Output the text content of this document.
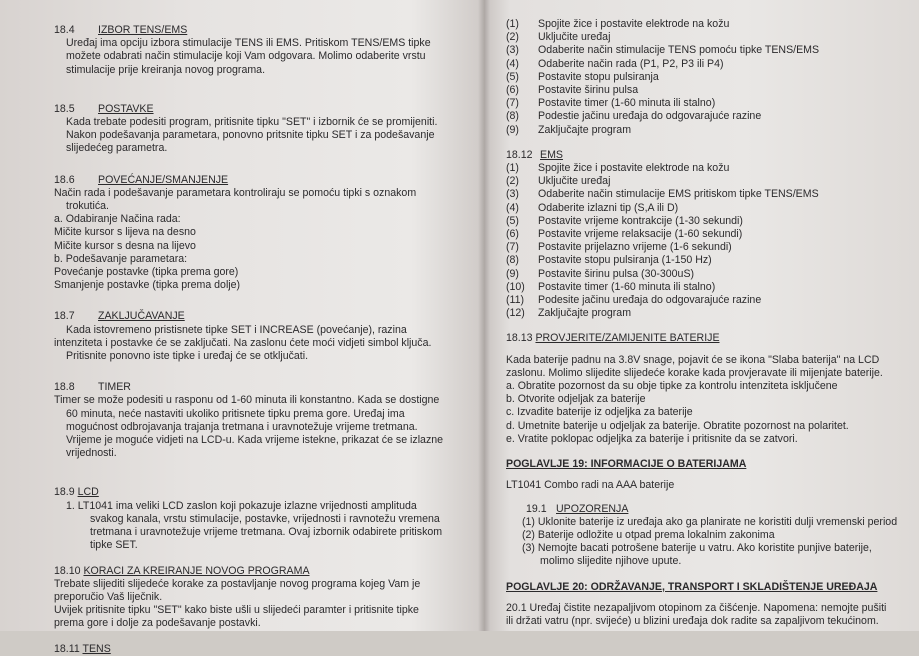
18.4 IZBOR TENS/EMS

Uređaj ima opciju izbora stimulacije TENS ili EMS. Pritiskom TENS/EMS tipke

možete odabrati način stimulacije koji Vam odgovara. Molimo odaberite vrstu

stimulacije prije kreiranja novog programa.

18.5 POSTAVKE

Kada trebate podesiti program, pritisnite tipku "SET" i izbornik će se promijeniti.

Nakon podešavanja parametara, ponovno pritsnite tipku SET i za podešavanje

slijedećeg parametra.

18.6 POVEĆANJE/SMANJENJE

Način rada i podešavanje parametara kontroliraju se pomoću tipki s oznakom

trokutića.

a. Odabiranje Načina rada:

Mičite kursor s lijeva na desno

Mičite kursor s desna na lijevo

b. Podešavanje parametara:

Povećanje postavke (tipka prema gore)

Smanjenje postavke (tipka prema dolje)

18.7 ZAKLJUČAVANJE

Kada istovremeno pristisnete tipke SET i INCREASE (povećanje), razina

intenziteta i postavke će se zaključati. Na zaslonu ćete moći vidjeti simbol ključa.

Pritisnite ponovno iste tipke i uređaj će se otključati.

18.8 TIMER

Timer se može podesiti u rasponu od 1-60 minuta ili konstantno. Kada se dostigne

60 minuta, neće nastaviti ukoliko pritisnete tipku prema gore. Uređaj ima

mogućnost odbrojavanja trajanja tretmana i uravnotežuje vrijeme tretmana.

Vrijeme je moguće vidjeti na LCD-u. Kada vrijeme istekne, prikazat će se izlazne

vrijednosti.

18.9 LCD

1. LT1041 ima veliki LCD zaslon koji pokazuje izlazne vrijednosti amplituda

svakog kanala, vrstu stimulacije, postavke, vrijednosti i ravnotežu vremena

tretmana i uravnotežuje vrijeme tretmana. Ovaj izbornik odabirete pritiskom

tipke SET.

18.10 KORACI ZA KREIRANJE NOVOG PROGRAMA

Trebate slijediti slijedeće korake za postavljanje novog programa kojeg Vam je

preporučio Vaš liječnik.

Uvijek pritisnite tipku "SET" kako biste ušli u slijedeći paramter i pritisnite tipke

prema gore i dolje za podešavanje postavki.

18.11 TENS

(1)	Spojite žice i postavite elektrode na kožu
(2)	Uključite uređaj
(3)	Odaberite način stimulacije TENS pomoću tipke TENS/EMS
(4)	Odaberite način rada (P1, P2, P3 ili P4)
(5)	Postavite stopu pulsiranja
(6)	Postavite širinu pulsa
(7)	Postavite timer (1-60 minuta ili stalno)
(8)	Podestie jačinu uređaja do odgovarajuće razine
(9)	Zaključajte program

18.12 EMS

(1)	Spojite žice i postavite elektrode na kožu
(2)	Uključite uređaj
(3)	Odaberite način stimulacije EMS pritiskom tipke TENS/EMS
(4)	Odaberite izlazni tip (S,A ili D)
(5)	Postavite vrijeme kontrakcije (1-30 sekundi)
(6)	Postavite vrijeme relaksacije (1-60 sekundi)
(7)	Postavite prijelazno vrijeme (1-6 sekundi)
(8)	Postavite stopu pulsiranja (1-150 Hz)
(9)	Postavite širinu pulsa (30-300uS)
(10)	Postavite timer (1-60 minuta ili stalno)
(11)	Podesite jačinu uređaja do odgovarajuće razine
(12)	Zaključajte program

18.13 PROVJERITE/ZAMIJENITE BATERIJE

Kada baterije padnu na 3.8V snage, pojavit će se ikona "Slaba baterija" na LCD

zaslonu. Molimo slijedite slijedeće korake kada provjeravate ili mijenjate baterije.

a. Obratite pozornost da su obje tipke za kontrolu intenziteta isključene

b. Otvorite odjeljak za baterije

c. Izvadite baterije iz odjeljka za baterije

d. Umetnite baterije u odjeljak za baterije. Obratite pozornost na polaritet.

e. Vratite poklopac odjeljka za baterije i pritisnite da se zatvori.

POGLAVLJE 19: INFORMACIJE O BATERIJAMA

LT1041 Combo radi na AAA baterije

19.1 UPOZORENJA

(1) Uklonite baterije iz uređaja ako ga planirate ne koristiti dulji vremenski period

(2) Baterije odložite u otpad prema lokalnim zakonima

(3) Nemojte bacati potrošene baterije u vatru. Ako koristite punjive baterije,

molimo slijedite njihove upute.

POGLAVLJE 20: ODRŽAVANJE, TRANSPORT I SKLADIŠTENJE UREĐAJA

20.1 Uređaj čistite nezapaljivom otopinom za čišćenje. Napomena: nemojte pušiti

ili držati vatru (npr. svijeće) u blizini uređaja dok radite sa zapaljivom tekućinom.
